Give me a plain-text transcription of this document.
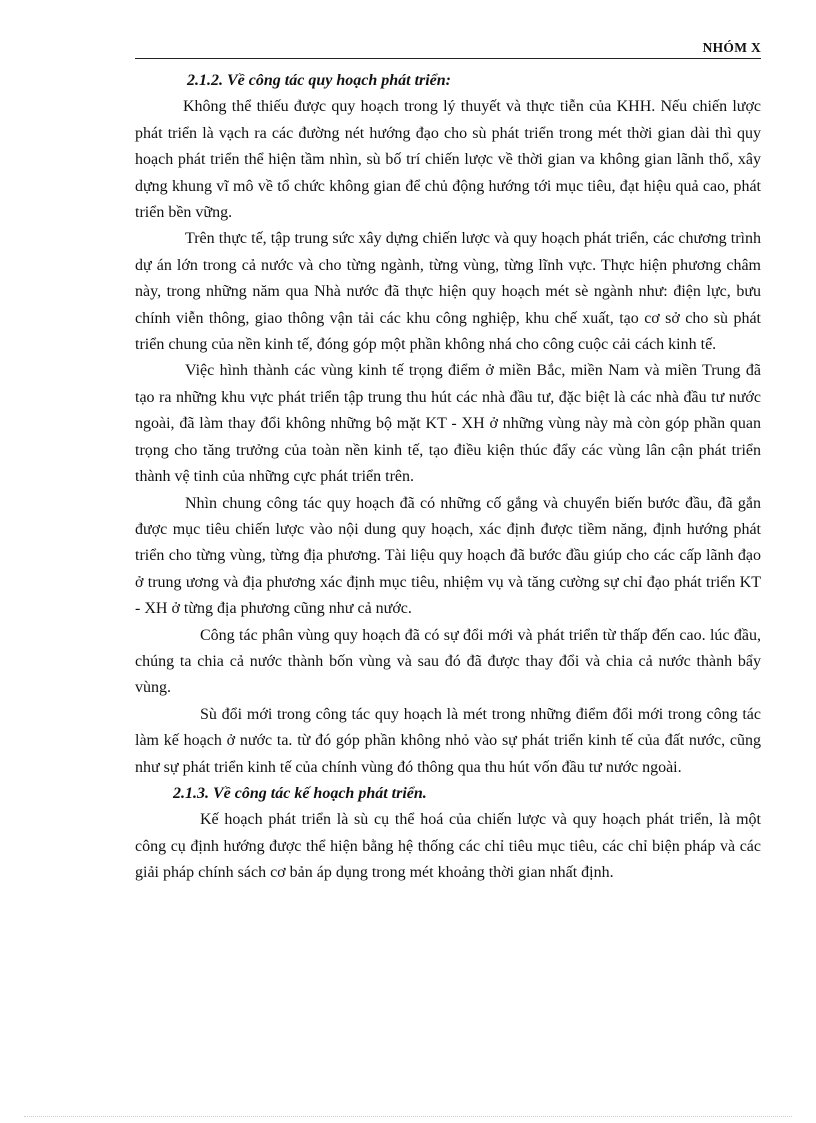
NHÓM X

2.1.2. Về công tác quy hoạch phát triển:

Không thể thiếu được quy hoạch trong lý thuyết và thực tiễn của KHH. Nếu chiến lược phát triển là vạch ra các đường nét hướng đạo cho sù phát triển trong mét thời gian dài thì quy hoạch phát triển thể hiện tầm nhìn, sù bố trí chiến lược về thời gian va không gian lãnh thổ, xây dựng khung vĩ mô về tổ chức không gian để chủ động hướng tới mục tiêu, đạt hiệu quả cao, phát triển bền vững.

Trên thực tế, tập trung sức xây dựng chiến lược và quy hoạch phát triển, các chương trình dự án lớn trong cả nước và cho từng ngành, từng vùng, từng lĩnh vực. Thực hiện phương châm này, trong những năm qua Nhà nước đã thực hiện quy hoạch mét sè ngành như: điện lực, bưu chính viễn thông, giao thông vận tải các khu công nghiệp, khu chế xuất, tạo cơ sở cho sù phát triển chung của nền kinh tế, đóng góp một phần không nhá cho công cuộc cải cách kinh tế.

Việc hình thành các vùng kinh tế trọng điểm ở miền Bắc, miền Nam và miền Trung đã tạo ra những khu vực phát triển tập trung thu hút các nhà đầu tư, đặc biệt là các nhà đầu tư nước ngoài, đã làm thay đổi không những bộ mặt KT - XH ở những vùng này mà còn góp phần quan trọng cho tăng trưởng của toàn nền kinh tế, tạo điều kiện thúc đẩy các vùng lân cận phát triển thành vệ tinh của những cực phát triển trên.

Nhìn chung công tác quy hoạch đã có những cố gắng và chuyển biến bước đầu, đã gắn được mục tiêu chiến lược vào nội dung quy hoạch, xác định được tiềm năng, định hướng phát triển cho từng vùng, từng địa phương. Tài liệu quy hoạch đã bước đầu giúp cho các cấp lãnh đạo ở trung ương và địa phương xác định mục tiêu, nhiệm vụ và tăng cường sự chỉ đạo phát triển KT - XH ở từng địa phương cũng như cả nước.

Công tác phân vùng quy hoạch đã có sự đổi mới và phát triển từ thấp đến cao. lúc đầu, chúng ta chia cả nước thành bốn vùng và sau đó đã được thay đổi và chia cả nước thành bẩy vùng.

Sù đổi mới trong công tác quy hoạch là mét trong những điểm đổi mới trong công tác làm kế hoạch ở nước ta. từ đó góp phần không nhỏ vào sự phát triển kinh tế của đất nước, cũng như sự phát triển kinh tế của chính vùng đó thông qua thu hút vốn đầu tư nước ngoài.

2.1.3. Về công tác kế hoạch phát triển.

Kế hoạch phát triển là sù cụ thể hoá của chiến lược và quy hoạch phát triển, là một công cụ định hướng được thể hiện bằng hệ thống các chỉ tiêu mục tiêu, các chỉ biện pháp và các giải pháp chính sách cơ bản áp dụng trong mét khoảng thời gian nhất định.
